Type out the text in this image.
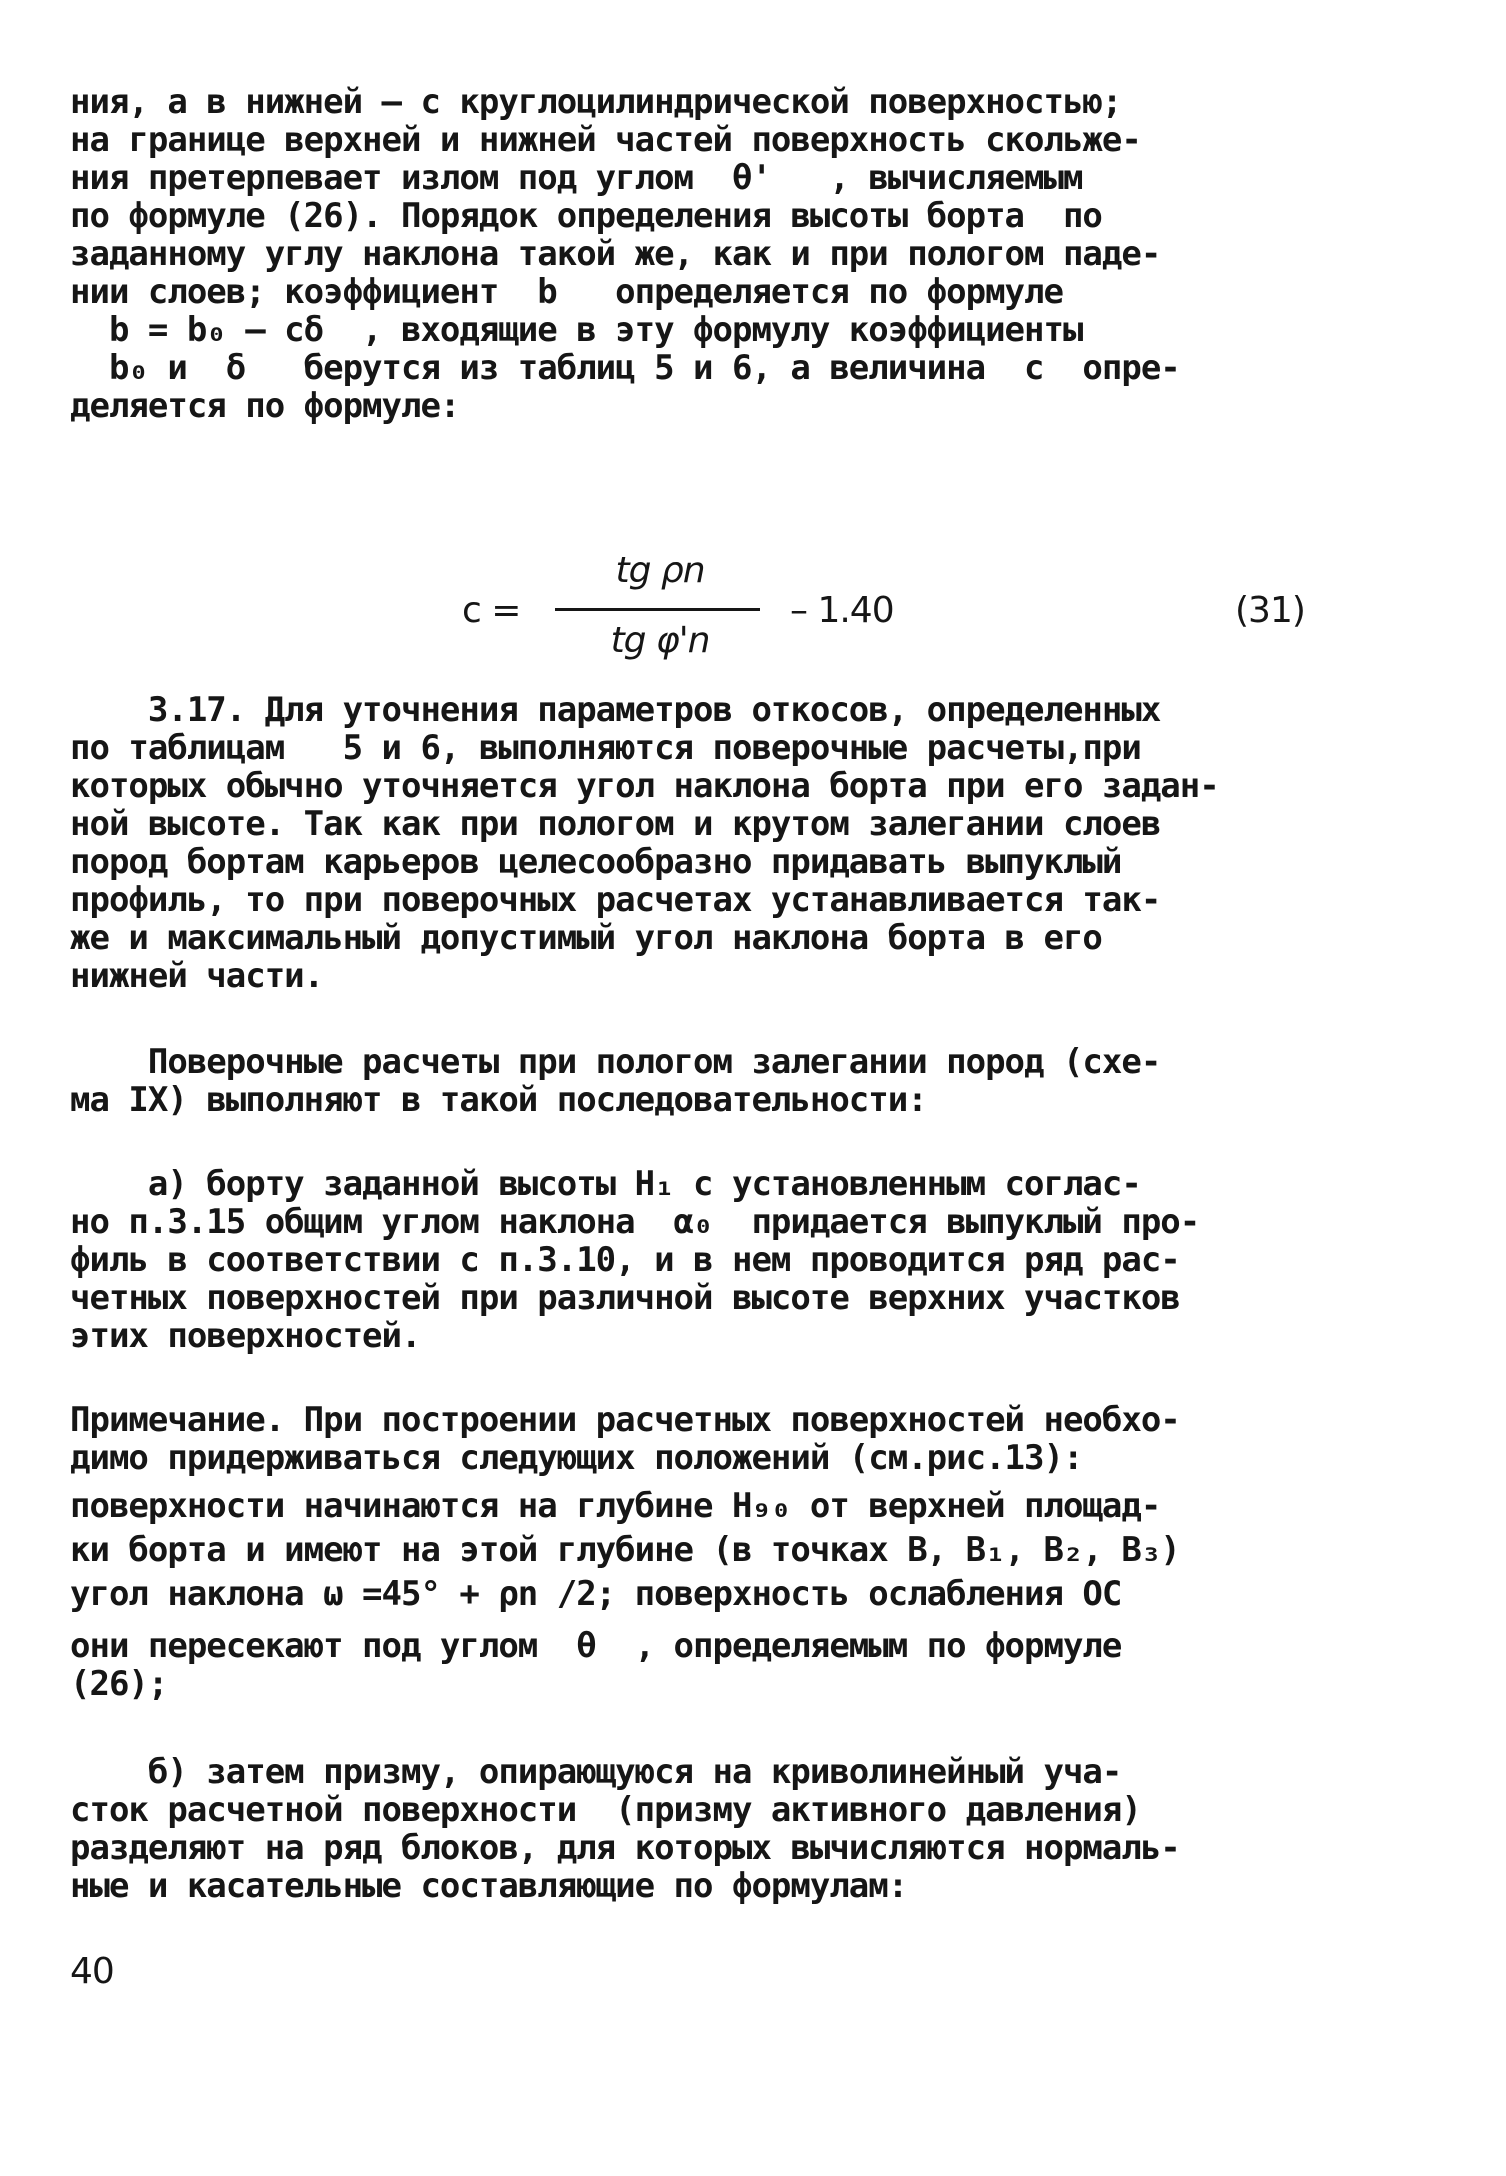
ния, а в нижней – с круглоцилиндрической поверхностью;
на границе верхней и нижней частей поверхность скольже-
ния претерпевает излом под углом  θ'   , вычисляемым
по формуле (26). Порядок определения высоты борта  по
заданному углу наклона такой же, как и при пологом паде-
нии слоев; коэффициент  b   определяется по формуле
b = b₀ – cδ  , входящие в эту формулу коэффициенты
b₀ и  δ   берутся из таблиц 5 и 6, а величина  с  опре-
деляется по формуле:
c =
tg ρn
tg φ'n
– 1.40	(31)
3.17. Для уточнения параметров откосов, определенных
по таблицам   5 и 6, выполняются поверочные расчеты,при
которых обычно уточняется угол наклона борта при его задан-
ной высоте. Так как при пологом и крутом залегании слоев
пород бортам карьеров целесообразно придавать выпуклый
профиль, то при поверочных расчетах устанавливается так-
же и максимальный допустимый угол наклона борта в его
нижней части.
Поверочные расчеты при пологом залегании пород (схе-
ма IX) выполняют в такой последовательности:
а) борту заданной высоты H₁ с установленным соглас-
но п.3.15 общим углом наклона  α₀  придается выпуклый про-
филь в соответствии с п.3.10, и в нем проводится ряд рас-
четных поверхностей при различной высоте верхних участков
этих поверхностей.
Примечание. При построении расчетных поверхностей необхо-
димо придерживаться следующих положений (см.рис.13):
поверхности начинаются на глубине H₉₀ от верхней площад-
ки борта и имеют на этой глубине (в точках B, B₁, B₂, B₃)
угол наклона ω =45° + ρn /2; поверхность ослабления OC
они пересекают под углом  θ  , определяемым по формуле
(26);
б) затем призму, опирающуюся на криволинейный уча-
сток расчетной поверхности  (призму активного давления)
разделяют на ряд блоков, для которых вычисляются нормаль-
ные и касательные составляющие по формулам:
40
